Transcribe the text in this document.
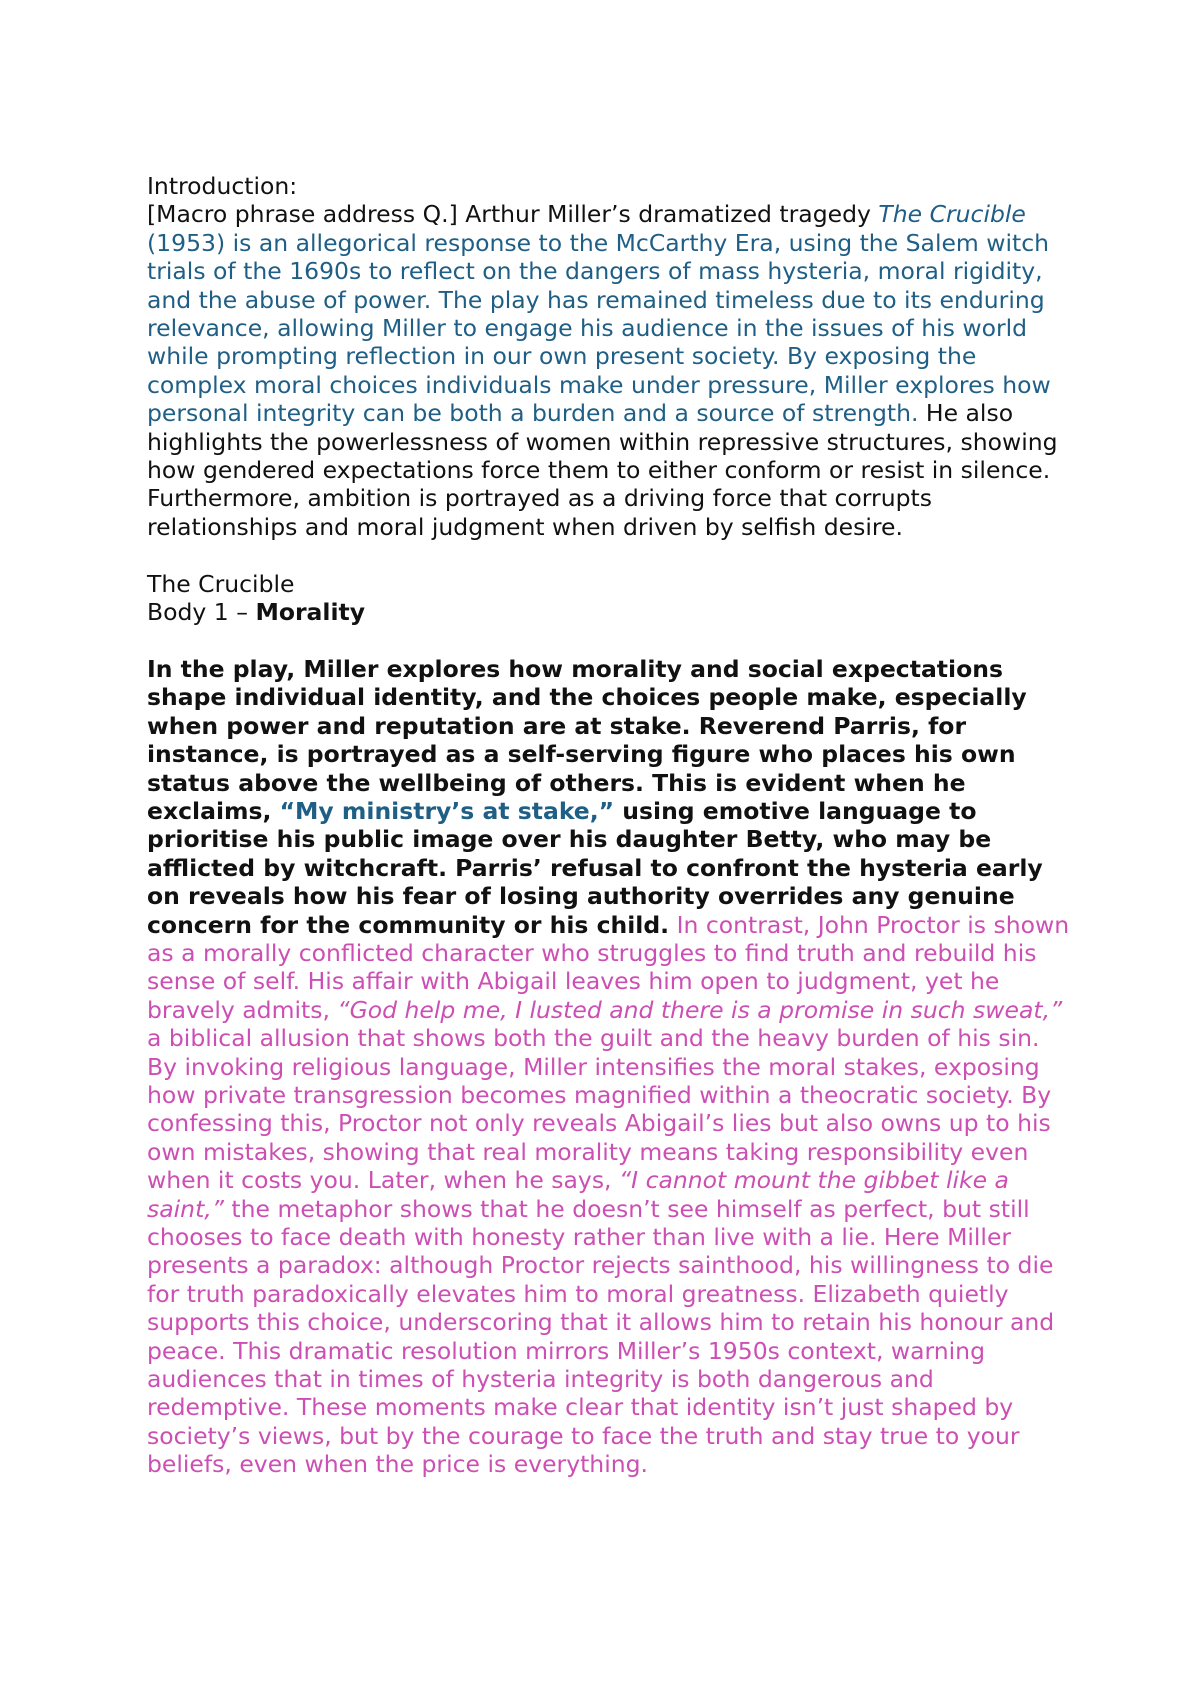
Introduction:

[Macro phrase address Q.] Arthur Miller’s dramatized tragedy The Crucible (1953) is an allegorical response to the McCarthy Era, using the Salem witch trials of the 1690s to reflect on the dangers of mass hysteria, moral rigidity, and the abuse of power. The play has remained timeless due to its enduring relevance, allowing Miller to engage his audience in the issues of his world while prompting reflection in our own present society. By exposing the complex moral choices individuals make under pressure, Miller explores how personal integrity can be both a burden and a source of strength. He also highlights the powerlessness of women within repressive structures, showing how gendered expectations force them to either conform or resist in silence. Furthermore, ambition is portrayed as a driving force that corrupts relationships and moral judgment when driven by selfish desire.

The Crucible

Body 1 – Morality

In the play, Miller explores how morality and social expectations shape individual identity, and the choices people make, especially when power and reputation are at stake. Reverend Parris, for instance, is portrayed as a self-serving figure who places his own status above the wellbeing of others. This is evident when he exclaims, “My ministry’s at stake,” using emotive language to prioritise his public image over his daughter Betty, who may be afflicted by witchcraft. Parris’ refusal to confront the hysteria early on reveals how his fear of losing authority overrides any genuine concern for the community or his child. In contrast, John Proctor is shown as a morally conflicted character who struggles to find truth and rebuild his sense of self. His affair with Abigail leaves him open to judgment, yet he bravely admits, “God help me, I lusted and there is a promise in such sweat,” a biblical allusion that shows both the guilt and the heavy burden of his sin. By invoking religious language, Miller intensifies the moral stakes, exposing how private transgression becomes magnified within a theocratic society. By confessing this, Proctor not only reveals Abigail’s lies but also owns up to his own mistakes, showing that real morality means taking responsibility even when it costs you. Later, when he says, “I cannot mount the gibbet like a saint,” the metaphor shows that he doesn’t see himself as perfect, but still chooses to face death with honesty rather than live with a lie. Here Miller presents a paradox: although Proctor rejects sainthood, his willingness to die for truth paradoxically elevates him to moral greatness. Elizabeth quietly supports this choice, underscoring that it allows him to retain his honour and peace. This dramatic resolution mirrors Miller’s 1950s context, warning audiences that in times of hysteria integrity is both dangerous and redemptive. These moments make clear that identity isn’t just shaped by society’s views, but by the courage to face the truth and stay true to your beliefs, even when the price is everything.
